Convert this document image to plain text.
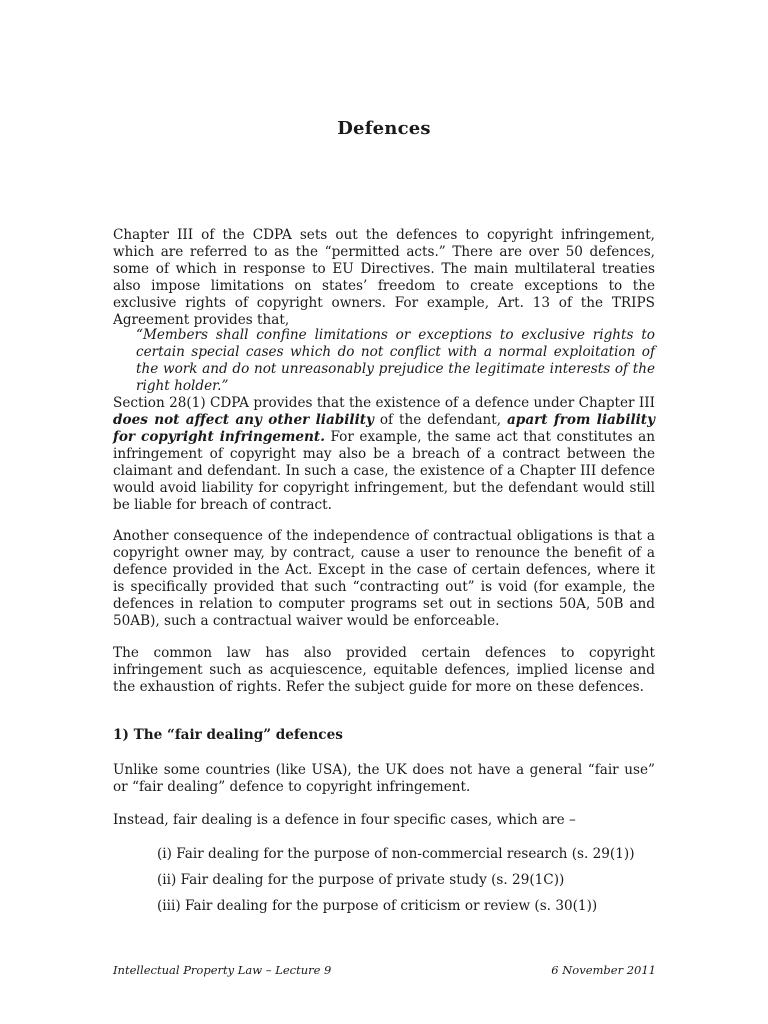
Defences

Chapter III of the CDPA sets out the defences to copyright infringement, which are referred to as the “permitted acts.” There are over 50 defences, some of which in response to EU Directives. The main multilateral treaties also impose limitations on states’ freedom to create exceptions to the exclusive rights of copyright owners. For example, Art. 13 of the TRIPS Agreement provides that,

“Members shall confine limitations or exceptions to exclusive rights to certain special cases which do not conflict with a normal exploitation of the work and do not unreasonably prejudice the legitimate interests of the right holder.”

Section 28(1) CDPA provides that the existence of a defence under Chapter III does not affect any other liability of the defendant, apart from liability for copyright infringement. For example, the same act that constitutes an infringement of copyright may also be a breach of a contract between the claimant and defendant. In such a case, the existence of a Chapter III defence would avoid liability for copyright infringement, but the defendant would still be liable for breach of contract.

Another consequence of the independence of contractual obligations is that a copyright owner may, by contract, cause a user to renounce the benefit of a defence provided in the Act. Except in the case of certain defences, where it is specifically provided that such “contracting out” is void (for example, the defences in relation to computer programs set out in sections 50A, 50B and 50AB), such a contractual waiver would be enforceable.

The common law has also provided certain defences to copyright infringement such as acquiescence, equitable defences, implied license and the exhaustion of rights. Refer the subject guide for more on these defences.

1) The “fair dealing” defences

Unlike some countries (like USA), the UK does not have a general “fair use” or “fair dealing” defence to copyright infringement.

Instead, fair dealing is a defence in four specific cases, which are –

(i) Fair dealing for the purpose of non-commercial research (s. 29(1))

(ii) Fair dealing for the purpose of private study (s. 29(1C))

(iii) Fair dealing for the purpose of criticism or review (s. 30(1))

Intellectual Property Law – Lecture 9	6 November 2011
